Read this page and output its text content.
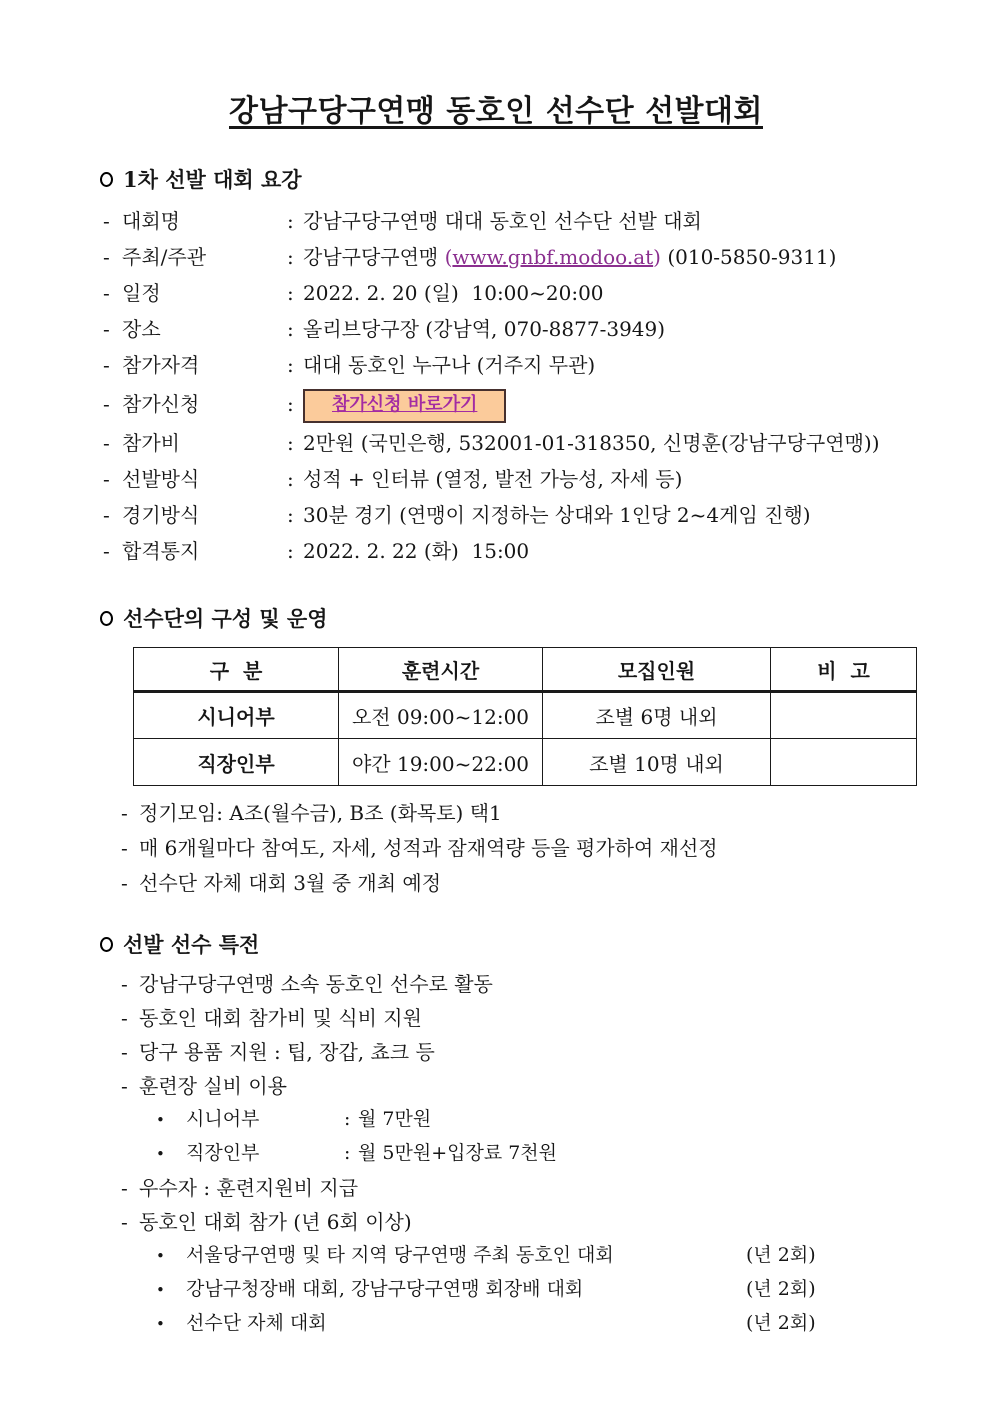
강남구당구연맹 동호인 선수단 선발대회
1차 선발 대회 요강
- 대회명	: 강남구당구연맹 대대 동호인 선수단 선발 대회
- 주최/주관	: 강남구당구연맹 (www.gnbf.modoo.at) (010-5850-9311)
- 일정	: 2022. 2. 20 (일)  10:00~20:00
- 장소	: 올리브당구장 (강남역, 070-8877-3949)
- 참가자격	: 대대 동호인 누구나 (거주지 무관)
- 참가신청	:	참가신청 바로가기
- 참가비	: 2만원 (국민은행, 532001-01-318350, 신명훈(강남구당구연맹))
- 선발방식	: 성적 + 인터뷰 (열정, 발전 가능성, 자세 등)
- 경기방식	: 30분 경기 (연맹이 지정하는 상대와 1인당 2~4게임 진행)
- 합격통지	: 2022. 2. 22 (화)  15:00
선수단의 구성 및 운영
구  분	훈련시간	모집인원	비  고
시니어부	오전 09:00~12:00	조별 6명 내외	
직장인부	야간 19:00~22:00	조별 10명 내외	
- 정기모임: A조(월수금), B조 (화목토) 택1
- 매 6개월마다 참여도, 자세, 성적과 잠재역량 등을 평가하여 재선정
- 선수단 자체 대회 3월 중 개최 예정
선발 선수 특전
- 강남구당구연맹 소속 동호인 선수로 활동
- 동호인 대회 참가비 및 식비 지원
- 당구 용품 지원 : 팁, 장갑, 쵸크 등
- 훈련장 실비 이용
•	시니어부	: 월 7만원
•	직장인부	: 월 5만원+입장료 7천원
- 우수자 : 훈련지원비 지급
- 동호인 대회 참가 (년 6회 이상)
•	서울당구연맹 및 타 지역 당구연맹 주최 동호인 대회	(년 2회)
•	강남구청장배 대회, 강남구당구연맹 회장배 대회	(년 2회)
•	선수단 자체 대회	(년 2회)
